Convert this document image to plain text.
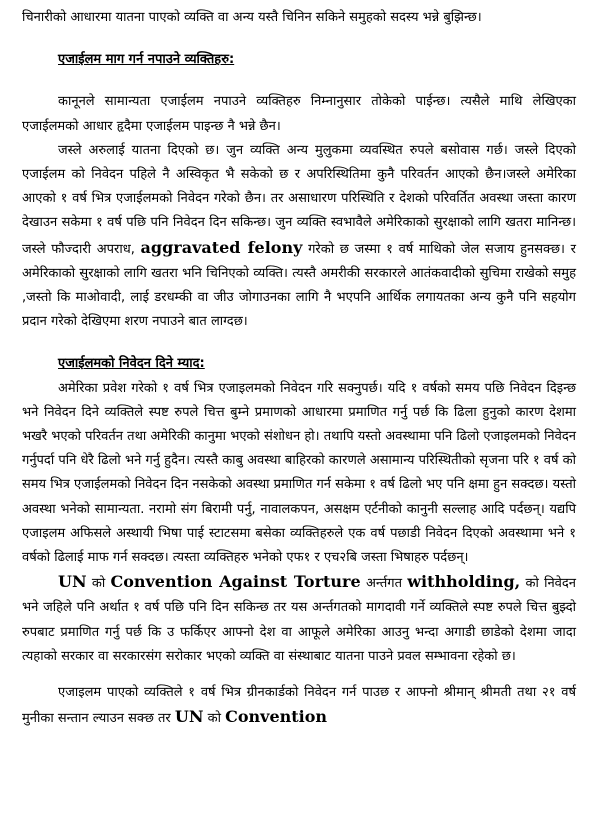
चिनारीको आधारमा यातना पाएको व्यक्ति वा अन्य यस्तै चिनिन सकिने समुहको सदस्य भन्ने बुझिन्छ।

एजाईलम माग गर्न नपाउने व्यक्तिहरु:

कानूनले सामान्यता एजाईलम नपाउने व्यक्तिहरु निम्नानुसार तोकेको पाईन्छ। त्यसैले माथि लेखिएका एजाईलमको आधार हृदैमा एजाईलम पाइन्छ नै भन्ने छैन।

जस्ले अरुलाई यातना दिएको छ। जुन व्यक्ति अन्य मुलुकमा व्यवस्थित रुपले बसोवास गर्छ। जस्ले दिएको एजाईलम को निवेदन पहिले नै अस्विकृत भै सकेको छ र अपरिस्थितिमा कुनै परिवर्तन आएको छैन।जस्ले अमेरिका आएको १ वर्ष भित्र एजाईलमको निवेदन गरेको छैन। तर असाधारण परिस्थिति र देशको परिवर्तित अवस्था जस्ता कारण देखाउन सकेमा १ वर्ष पछि पनि निवेदन दिन सकिन्छ। जुन व्यक्ति स्वभावैले अमेरिकाको सुरक्षाको लागि खतरा मानिन्छ। जस्ले फौज्दारी अपराध, aggravated felony गरेको छ जस्मा १ वर्ष माथिको जेल सजाय हुनसक्छ। र अमेरिकाको सुरक्षाको लागि खतरा भनि चिनिएको व्यक्ति। त्यस्तै अमरीकी सरकारले आतंकवादीको सुचिमा राखेको समुह ,जस्तो कि माओवादी, लाई डरधम्की वा जीउ जोगाउनका लागि नै भएपनि आर्थिक लगायतका अन्य कुनै पनि सहयोग प्रदान गरेको देखिएमा शरण नपाउने बात लाग्दछ।

एजाईलमको निवेदन दिने म्याद:

अमेरिका प्रवेश गरेको १ वर्ष भित्र एजाइलमको निवेदन गरि सक्नुपर्छ। यदि १ वर्षको समय पछि निवेदन दिइन्छ भने निवेदन दिने व्यक्तिले स्पष्ट रुपले चित्त बुम्ने प्रमाणको आधारमा प्रमाणित गर्नु पर्छ कि ढिला हुनुको कारण देशमा भखरै भएको परिवर्तन तथा अमेरिकी कानुमा भएको संशोधन हो। तथापि यस्तो अवस्थामा पनि ढिलो एजाइलमको निवेदन गर्नुपर्दा पनि धेरै ढिलो भने गर्नु हुदैन। त्यस्तै काबु अवस्था बाहिरको कारणले असामान्य परिस्थितीको सृजना परि १ वर्ष को समय भित्र एजाईलमको निवेदन दिन नसकेको अवस्था प्रमाणित गर्न सकेमा १ वर्ष ढिलो भए पनि क्षमा हुन सक्दछ। यस्तो अवस्था भनेको सामान्यता. नरामो संग बिरामी पर्नु, नावालकपन, असक्षम एर्टनीको कानुनी सल्लाह आदि पर्दछन्। यद्यपि एजाइलम अफिसले अस्थायी भिषा पाई स्टाटसमा बसेका व्यक्तिहरुले एक वर्ष पछाडी निवेदन दिएको अवस्थामा भने १ वर्षको ढिलाई माफ गर्न सक्दछ। त्यस्ता व्यक्तिहरु भनेको एफ१ र एच२बि जस्ता भिषाहरु पर्दछन्।

UN को Convention Against Torture अर्न्तगत withholding, को निवेदन भने जहिले पनि अर्थात १ वर्ष पछि पनि दिन सकिन्छ तर यस अर्न्तगतको मागदावी गर्ने व्यक्तिले स्पष्ट रुपले चित्त बुझ्दो रुपबाट प्रमाणित गर्नु पर्छ कि उ फर्किएर आफ्नो देश वा आफूले अमेरिका आउनु भन्दा अगाडी छाडेको देशमा जादा त्यहाको सरकार वा सरकारसंग सरोकार भएको व्यक्ति वा संस्थाबाट यातना पाउने प्रवल सम्भावना रहेको छ।

एजाइलम पाएको व्यक्तिले १ वर्ष भित्र ग्रीनकार्डको निवेदन गर्न पाउछ र आफ्नो श्रीमान् श्रीमती तथा २१ वर्ष मुनीका सन्तान ल्याउन सक्छ तर UN को Convention
